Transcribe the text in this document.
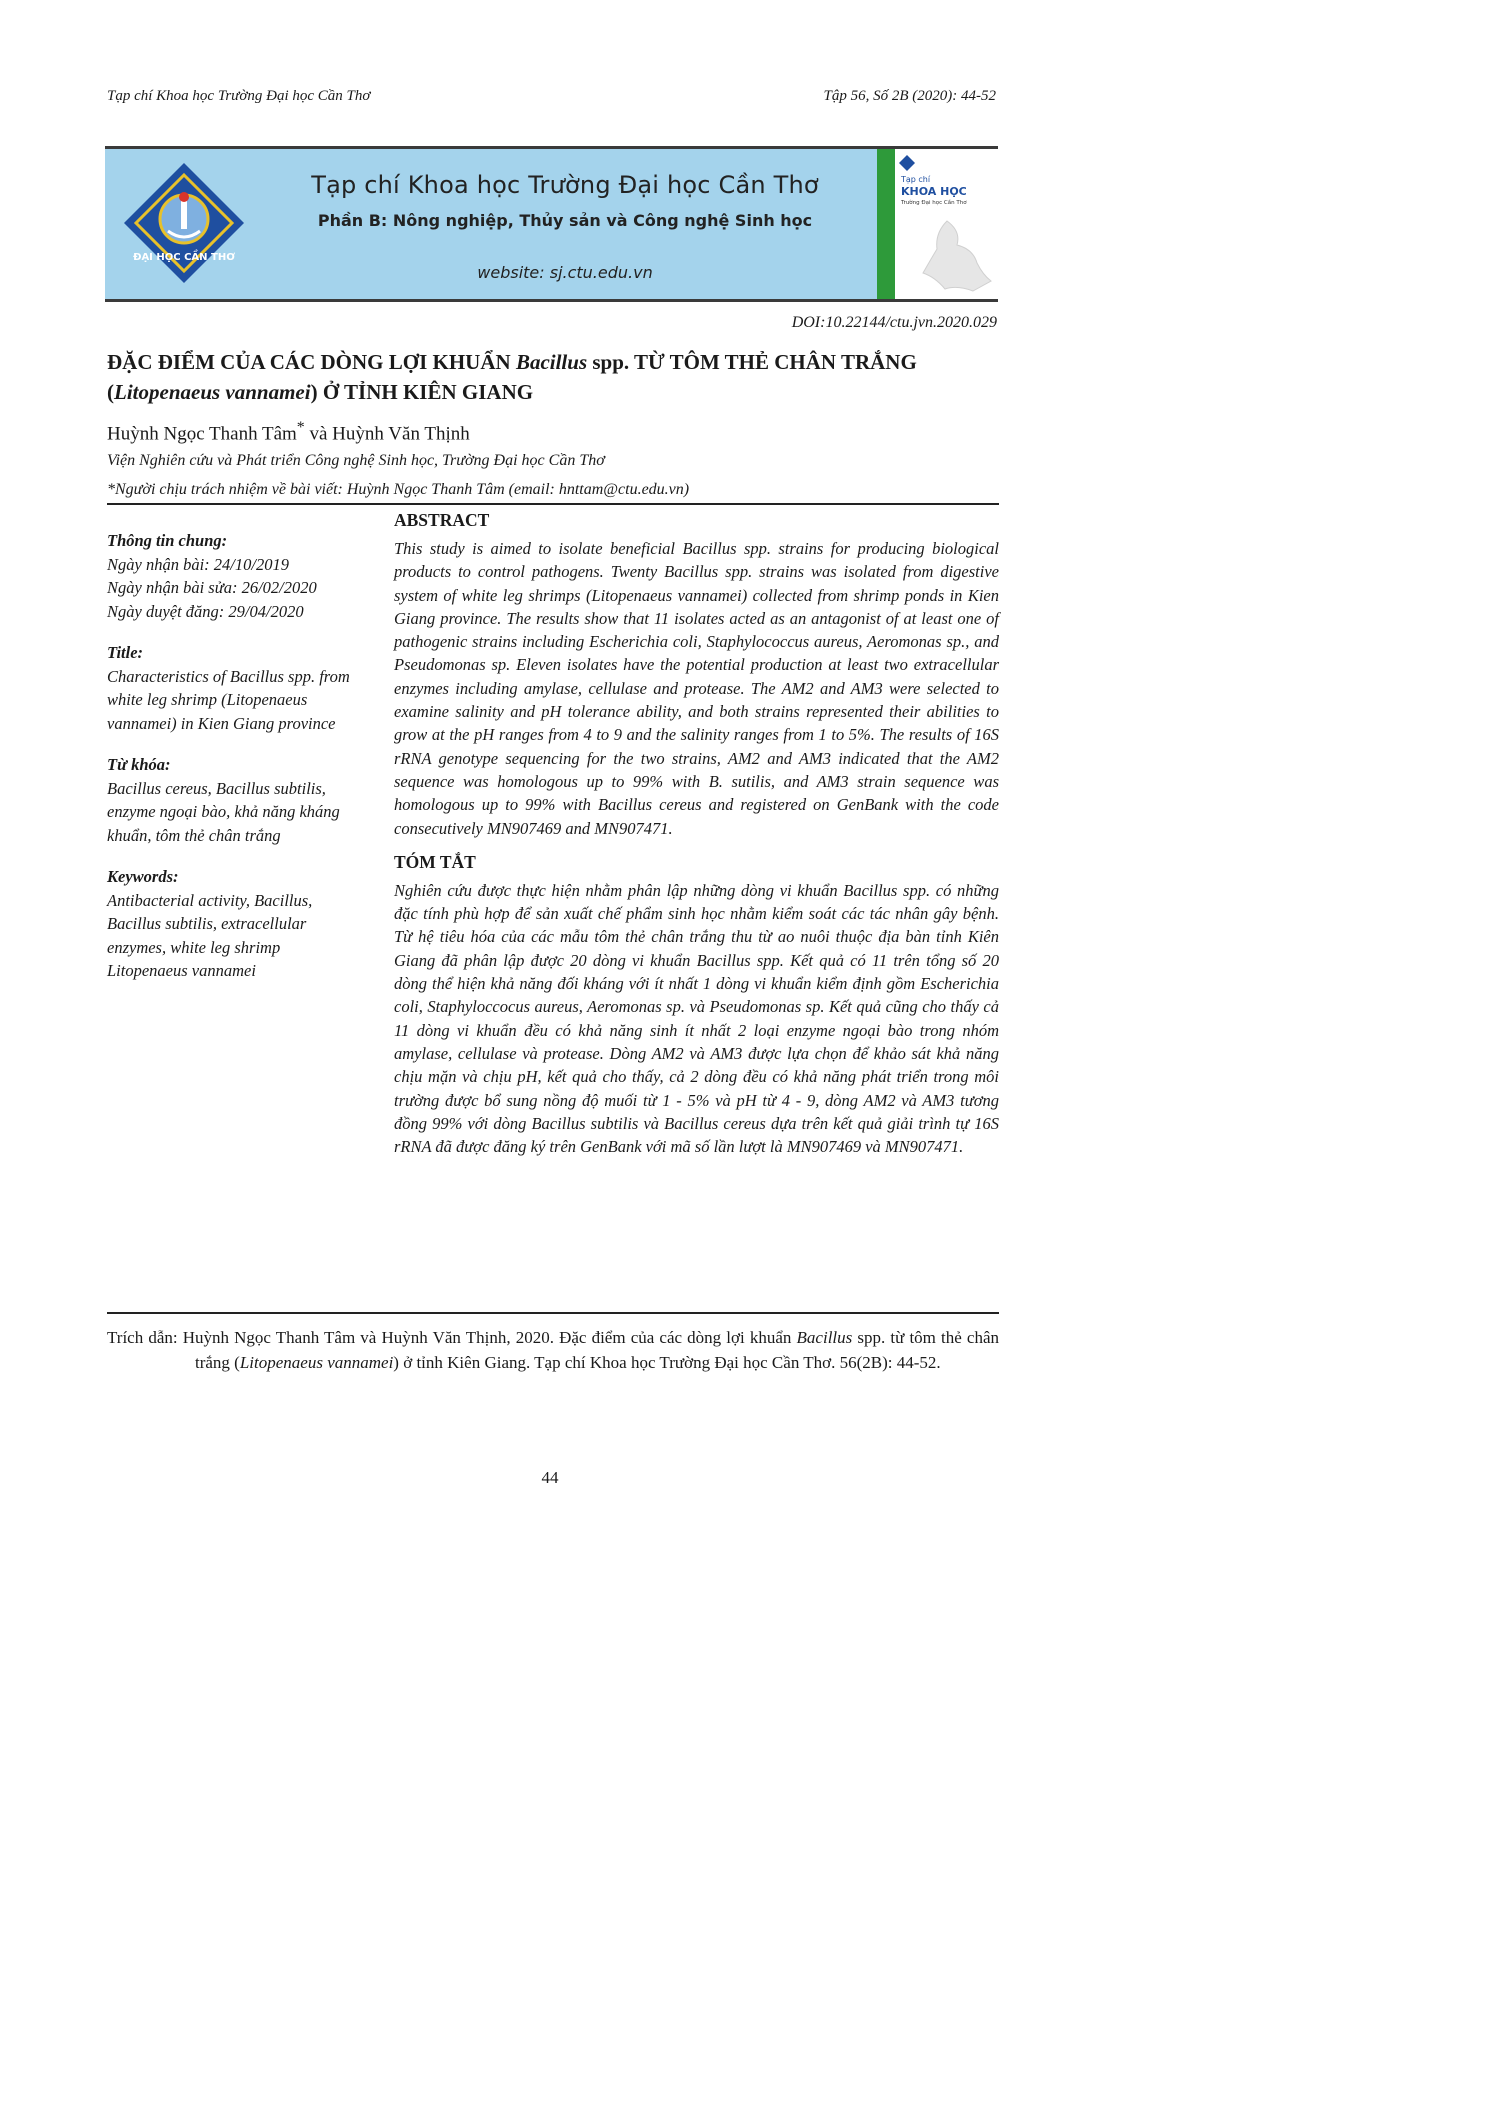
Tạp chí Khoa học Trường Đại học Cần Thơ	Tập 56, Số 2B (2020): 44-52
ĐẠI HỌC CẦN THƠ
Tạp chí Khoa học Trường Đại học Cần Thơ
Phần B: Nông nghiệp, Thủy sản và Công nghệ Sinh học
website: sj.ctu.edu.vn
Tạp chí
KHOA HỌC
Trường Đại học Cần Thơ
DOI:10.22144/ctu.jvn.2020.029
ĐẶC ĐIỂM CỦA CÁC DÒNG LỢI KHUẨN Bacillus spp. TỪ TÔM THẺ CHÂN TRẮNG (Litopenaeus vannamei) Ở TỈNH KIÊN GIANG
Huỳnh Ngọc Thanh Tâm* và Huỳnh Văn Thịnh
Viện Nghiên cứu và Phát triển Công nghệ Sinh học, Trường Đại học Cần Thơ
*Người chịu trách nhiệm về bài viết: Huỳnh Ngọc Thanh Tâm (email: hnttam@ctu.edu.vn)
Thông tin chung:
Ngày nhận bài: 24/10/2019
Ngày nhận bài sửa: 26/02/2020
Ngày duyệt đăng: 29/04/2020
Title:
Characteristics of Bacillus spp. from white leg shrimp (Litopenaeus vannamei) in Kien Giang province
Từ khóa:
Bacillus cereus, Bacillus subtilis, enzyme ngoại bào, khả năng kháng khuẩn, tôm thẻ chân trắng
Keywords:
Antibacterial activity, Bacillus, Bacillus subtilis, extracellular enzymes, white leg shrimp Litopenaeus vannamei
ABSTRACT

This study is aimed to isolate beneficial Bacillus spp. strains for producing biological products to control pathogens. Twenty Bacillus spp. strains was isolated from digestive system of white leg shrimps (Litopenaeus vannamei) collected from shrimp ponds in Kien Giang province. The results show that 11 isolates acted as an antagonist of at least one of pathogenic strains including Escherichia coli, Staphylococcus aureus, Aeromonas sp., and Pseudomonas sp. Eleven isolates have the potential production at least two extracellular enzymes including amylase, cellulase and protease. The AM2 and AM3 were selected to examine salinity and pH tolerance ability, and both strains represented their abilities to grow at the pH ranges from 4 to 9 and the salinity ranges from 1 to 5%. The results of 16S rRNA genotype sequencing for the two strains, AM2 and AM3 indicated that the AM2 sequence was homologous up to 99% with B. sutilis, and AM3 strain sequence was homologous up to 99% with Bacillus cereus and registered on GenBank with the code consecutively MN907469 and MN907471.

TÓM TẮT

Nghiên cứu được thực hiện nhằm phân lập những dòng vi khuẩn Bacillus spp. có những đặc tính phù hợp để sản xuất chế phẩm sinh học nhằm kiểm soát các tác nhân gây bệnh. Từ hệ tiêu hóa của các mẫu tôm thẻ chân trắng thu từ ao nuôi thuộc địa bàn tỉnh Kiên Giang đã phân lập được 20 dòng vi khuẩn Bacillus spp. Kết quả có 11 trên tổng số 20 dòng thể hiện khả năng đối kháng với ít nhất 1 dòng vi khuẩn kiểm định gồm Escherichia coli, Staphyloccocus aureus, Aeromonas sp. và Pseudomonas sp. Kết quả cũng cho thấy cả 11 dòng vi khuẩn đều có khả năng sinh ít nhất 2 loại enzyme ngoại bào trong nhóm amylase, cellulase và protease. Dòng AM2 và AM3 được lựa chọn để khảo sát khả năng chịu mặn và chịu pH, kết quả cho thấy, cả 2 dòng đều có khả năng phát triển trong môi trường được bổ sung nồng độ muối từ 1 - 5% và pH từ 4 - 9, dòng AM2 và AM3 tương đồng 99% với dòng Bacillus subtilis và Bacillus cereus dựa trên kết quả giải trình tự 16S rRNA đã được đăng ký trên GenBank với mã số lần lượt là MN907469 và MN907471.

Trích dẫn: Huỳnh Ngọc Thanh Tâm và Huỳnh Văn Thịnh, 2020. Đặc điểm của các dòng lợi khuẩn Bacillus spp. từ tôm thẻ chân trắng (Litopenaeus vannamei) ở tỉnh Kiên Giang. Tạp chí Khoa học Trường Đại học Cần Thơ. 56(2B): 44-52.
44
